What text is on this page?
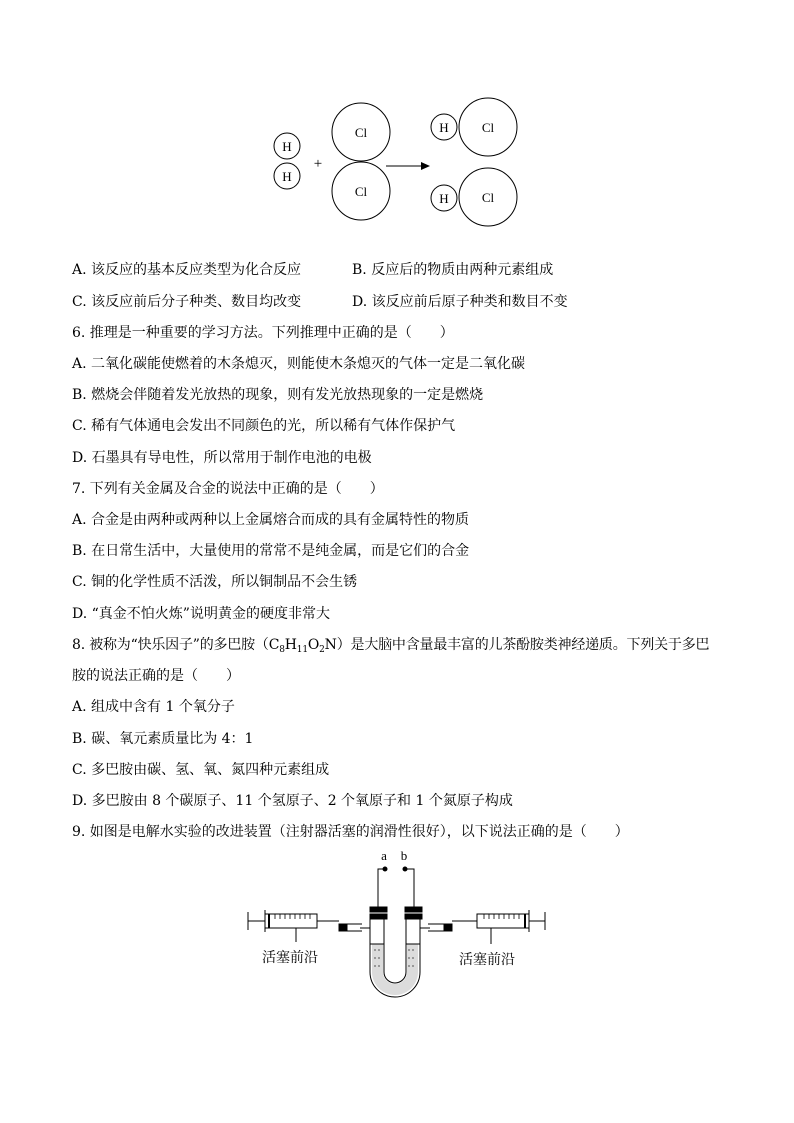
H
H
Cl
Cl
H	Cl
H	Cl
+
A. 该反应的基本反应类型为化合反应	B. 反应后的物质由两种元素组成
C. 该反应前后分子种类、数目均改变	D. 该反应前后原子种类和数目不变
6. 推理是一种重要的学习方法。下列推理中正确的是（　　）
A. 二氧化碳能使燃着的木条熄灭，则能使木条熄灭的气体一定是二氧化碳
B. 燃烧会伴随着发光放热的现象，则有发光放热现象的一定是燃烧
C. 稀有气体通电会发出不同颜色的光，所以稀有气体作保护气
D. 石墨具有导电性，所以常用于制作电池的电极
7. 下列有关金属及合金的说法中正确的是（　　）
A. 合金是由两种或两种以上金属熔合而成的具有金属特性的物质
B. 在日常生活中，大量使用的常常不是纯金属，而是它们的合金
C. 铜的化学性质不活泼，所以铜制品不会生锈
D. “真金不怕火炼”说明黄金的硬度非常大
8. 被称为“快乐因子”的多巴胺$(C_8H_{11}O_2N)$是大脑中含量最丰富的儿茶酚胺类神经递质。下列关于多巴
胺的说法正确的是（　　）
A. 组成中含有 1 个氧分子
B. 碳、氧元素质量比为 4：1
C. 多巴胺由碳、氢、氧、氮四种元素组成
D. 多巴胺由 8 个碳原子、11 个氢原子、2 个氧原子和 1 个氮原子构成
9. 如图是电解水实验的改进装置（注射器活塞的润滑性很好），以下说法正确的是（　　）
a b
活塞前沿	活塞前沿
